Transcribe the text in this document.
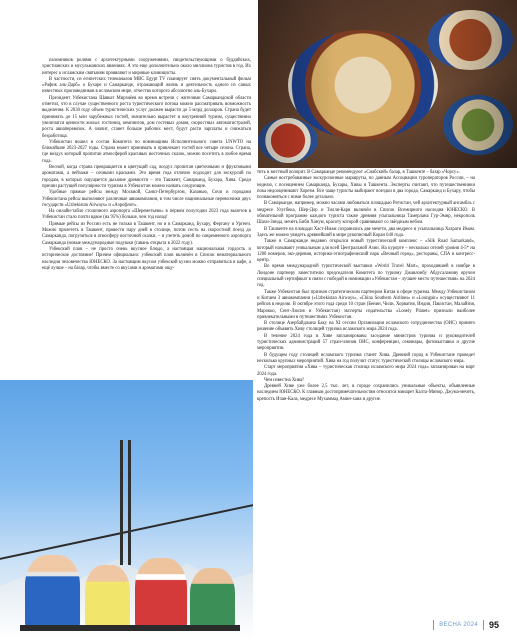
паломников ролями с архитектурными сооружениями, свидетельствующими о буддийских, христианских и мусульманских явлениях. А это еще дополнительно около миллиона туристов в год. Их интерес к исламским святыням проявляют и мировые клиницисты.

В частности, из египетских телеканалов MBC Egypt TV планирует снять документальный фильм «Рафик аль-Дарб» о Бухаре и Самарканде, отражающий жизнь и деятельность одного из самых известных проповедников в исламском мире, отчество которого абсолютно аль-Бухари.

Президент Узбекистана Шавкат Мирзиёев во время встречи с жителями Самаркандской области отметил, что в случае существенного роста туристического потока можно рассматривать возможность выделения. К 2030 году объем туристических услуг должен вырасти до 5 млрд долларов. Страна будет принимать до 15 млн зарубежных гостей, значительно вырастет и внутренний туризм, существенно увеличатся ценности жилых гостиниц, кемпингов, дом гостевых домов, скоростных автомагистралей, роста авиаперевозок. А значит, станет больше рабочих мест, будут расти зарплаты и снижаться безработица.

Узбекистан вошел в состав Комитета по номинациям Исполнительного совета UNWTO на ближайшие 2023-2027 годы. Страна может принимать и привлекает гостей все четыре сезона. Страна, где воздух который пропитан атмосферой красивых восточных сказок, можно посетить в любое время года.

Весной, когда страна превращается в цветущий сад, воздух пропитан цветочными и фруктовыми ароматами, а пейзажи – сочными красками. Это время года отлично подходит для экскурсий по городам, в которых ощущается дыхание древности – это Ташкент, Самарканд, Бухара, Хива. Среди причин растущей популярности туризма в Узбекистан можно назвать следующие.

Удобные прямые рейсы между Москвой, Санкт-Петербургом, Казанью, Сочи и городами Узбекистана рейсы выполняют различные авиакомпании, в том числе национальные перевозчики двух государств «Uzbekistan Airways» и «Аэрофлот».

На онлайн-табло столичного аэропорта «Шереметьево» в первом полугодии 2023 года вылетов в Узбекистан стало почти вдвое (на 95%) больше, чем год назад!

Прямые рейсы из России есть не только в Ташкент, но и в Самарканд, Бухару, Фергану и Ургенч. Можно прилететь в Ташкент, провести пару дней в столице, потом сесть на скоростной поезд до Самарканда, погрузиться в атмосферу восточной сказки, – и улететь домой по современного аэропорта Самарканда (новые международные подушки (гавань открыта в 2022 году).

Узбекский плов – не просто очень вкусное блюдо, а настоящая национальная гордость и историческое достояние! Причем официально: узбекский плов включён в Список нематериального наследия человечества ЮНЕСКО. За настоящим вкусом узбекской кухни можно отправиться в кафе, а ещё лучше – на базар, чтобы вместе со вкусами и ароматами ощу-

тить и местный колорит. В Самарканде рекомендуют «Сиабский» базар, в Ташкенте – базар «Чорсу».

Самые востребованные экскурсионные маршруты, по данным Ассоциации туроператоров России, – на неделю, с посещением Самарканда, Бухары, Хивы и Ташкента. Эксперты считают, что путешественники пока недооценивают Хорезм. Все чаще туристы выбирают поездки в два города, Самарканд и Бухару, чтобы познакомиться с ними более детально.

В Самарканде, например, можно часами любоваться площадью Регистан, чей архитектурный ансамбль с медресе Улугбека, Шер-Дор и Тилля-Кари включён в Список Всемирного наследия ЮНЕСКО. В обязательной программе каждого туриста также древняя усыпальница Тамерлана Гур-Эмир, некрополь Шахи-Зинда, мечеть Биби Ханум, красоту которой сравнивают со звёздным небом.

В Ташкенте на площади Хаст-Имам сохранились две мечети, два медресе и усыпальница Хазрати Имам. Здесь же можно увидеть древнейший в мире рукописный Коран 640 года.

Также в Самарканде недавно открылся новый туристический комплекс – «Silk Road Samarkand», который называют уникальным для всей Центральной Азии. На курорте – несколько отелей уровня 4-5* на 1200 номеров, эко-деревня, историко-этнографический парк «Вечный город», рестораны, СПА и конгресс-центр.

Во время международной туристической выставки «World Travel Mart», проходившей в ноябре в Лондоне партнеру заместителю председателя Комитета по туризму Джавлонбу Абдусаламову вручен специальный сертификат в связи с победой в номинации «Узбекистан – лучшее место путешествия» на 2024 год.

Также Узбекистан был признан стратегическим партнером Китая в сфере туризма. Между Узбекистаном и Китаем 3 авиакомпании («Uzbekistan Airways», «China Southern Airlines» и «Loongair» осуществляют 11 рейсов в неделю. В октябре этого года среди 10 стран (Бенин, Чили, Хорватия, Индия, Пакистан, Малайзия, Марокко, Сент-Люсия и Узбекистан) эксперты издательства «Lonely Planet» признали наиболее привлекательными в путешествиях Узбекистан.

В столице Азербайджана Баку на XI сессии Организации исламского сотрудничества (ОИС) принято решение объявить Хиву столицей туризма исламского мира 2024 года.

В течение 2024 года в Хиве запланированы заседание министров туризма и руководителей туристических администраций 57 стран-членов ОИС, конференции, семинары, фотовыставки и другие мероприятия.

В будущем году столицей исламского туризма станет Хива. Древний город в Узбекистане проведет несколько крупных мероприятий. Хива на год получит статус туристической столицы исламского мира.

Старт мероприятия «Хива – туристическая столица исламского мира 2024 года» запланирован на март 2024 года.

Чем известна Хива?

Древней Хиве уже более 2,5 тыс. лет, в городе сохранились уникальные объекты, объявленные наследием ЮНЕСКО. К главным достопримечательностям относятся минарет Калта-Минор, Джума-мечеть, крепость Ичан-Кала, медресе Мухаммад Амин-хана и другие.

ВЕСНА 2024 95
